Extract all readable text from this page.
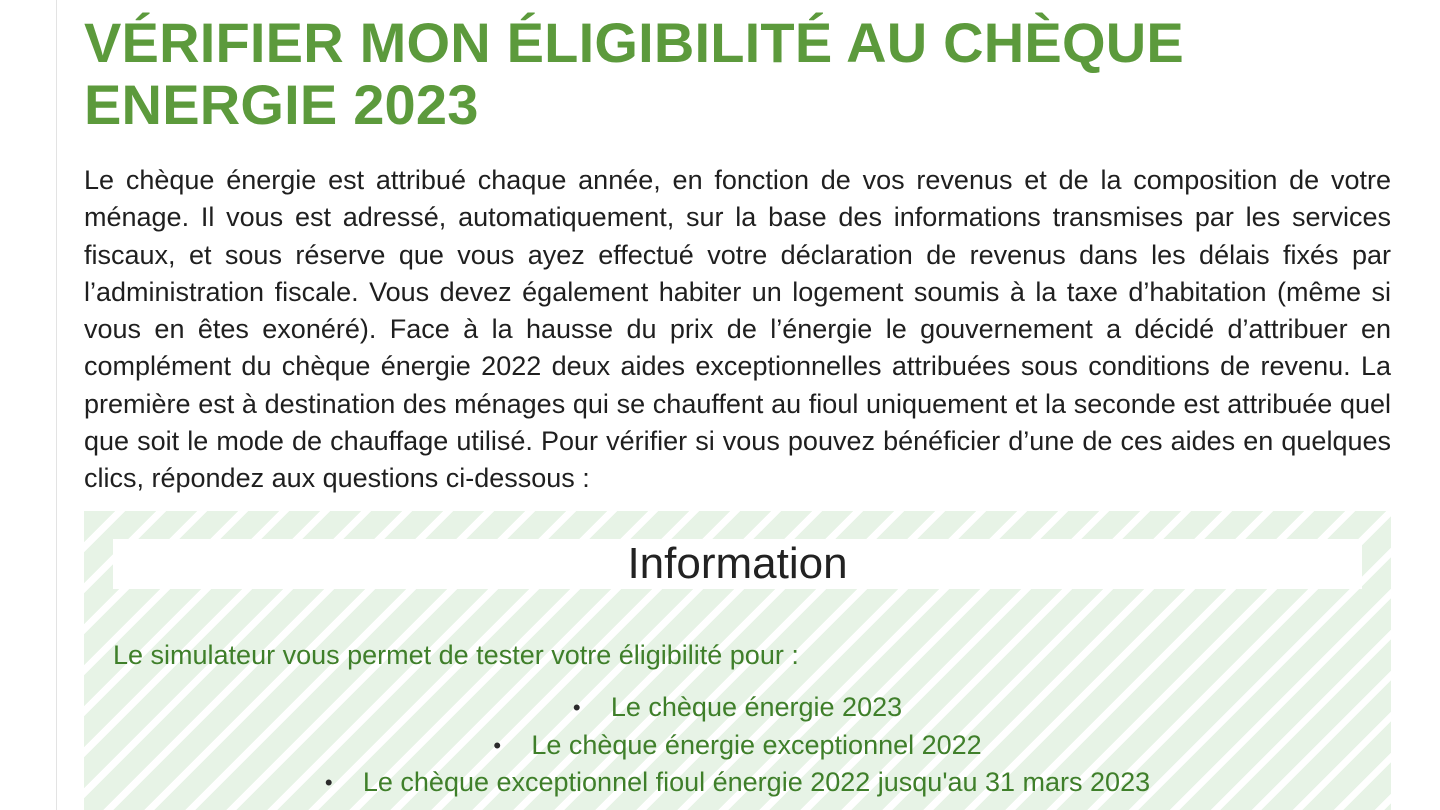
VÉRIFIER MON ÉLIGIBILITÉ AU CHÈQUE
ENERGIE 2023

Le chèque énergie est attribué chaque année, en fonction de vos revenus et de la composition de votre ménage. Il vous est adressé, automatiquement, sur la base des informations transmises par les services fiscaux, et sous réserve que vous ayez effectué votre déclaration de revenus dans les délais fixés par l’administration fiscale. Vous devez également habiter un logement soumis à la taxe d’habitation (même si vous en êtes exonéré). Face à la hausse du prix de l’énergie le gouvernement a décidé d’attribuer en complément du chèque énergie 2022 deux aides exceptionnelles attribuées sous conditions de revenu. La première est à destination des ménages qui se chauffent au fioul uniquement et la seconde est attribuée quel que soit le mode de chauffage utilisé. Pour vérifier si vous pouvez bénéficier d’une de ces aides en quelques clics, répondez aux questions ci-dessous :

Information

Le simulateur vous permet de tester votre éligibilité pour :

• Le chèque énergie 2023
• Le chèque énergie exceptionnel 2022
• Le chèque exceptionnel fioul énergie 2022 jusqu'au 31 mars 2023
